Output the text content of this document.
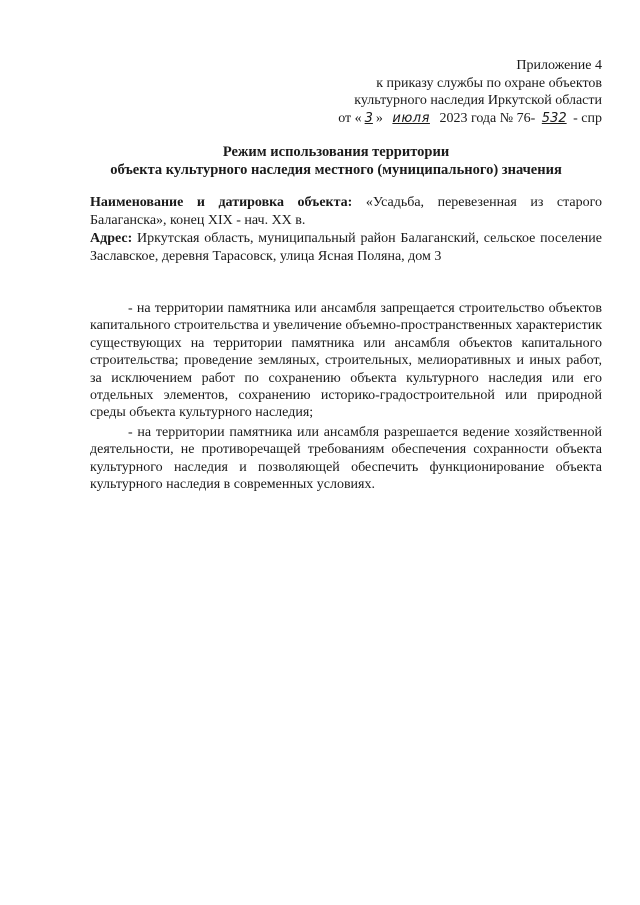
Приложение 4
к приказу службы по охране объектов
культурного наследия Иркутской области
от « 3 » июля 2023 года № 76- 532 - спр
Режим использования территории
объекта культурного наследия местного (муниципального) значения
Наименование и датировка объекта: «Усадьба, перевезенная из старого Балаганска», конец XIX - нач. XX в.
Адрес: Иркутская область, муниципальный район Балаганский, сельское поселение Заславское, деревня Тарасовск, улица Ясная Поляна, дом 3

- на территории памятника или ансамбля запрещается строительство объектов капитального строительства и увеличение объемно-пространственных характеристик существующих на территории памятника или ансамбля объектов капитального строительства; проведение земляных, строительных, мелиоративных и иных работ, за исключением работ по сохранению объекта культурного наследия или его отдельных элементов, сохранению историко-градостроительной или природной среды объекта культурного наследия;

- на территории памятника или ансамбля разрешается ведение хозяйственной деятельности, не противоречащей требованиям обеспечения сохранности объекта культурного наследия и позволяющей обеспечить функционирование объекта культурного наследия в современных условиях.
